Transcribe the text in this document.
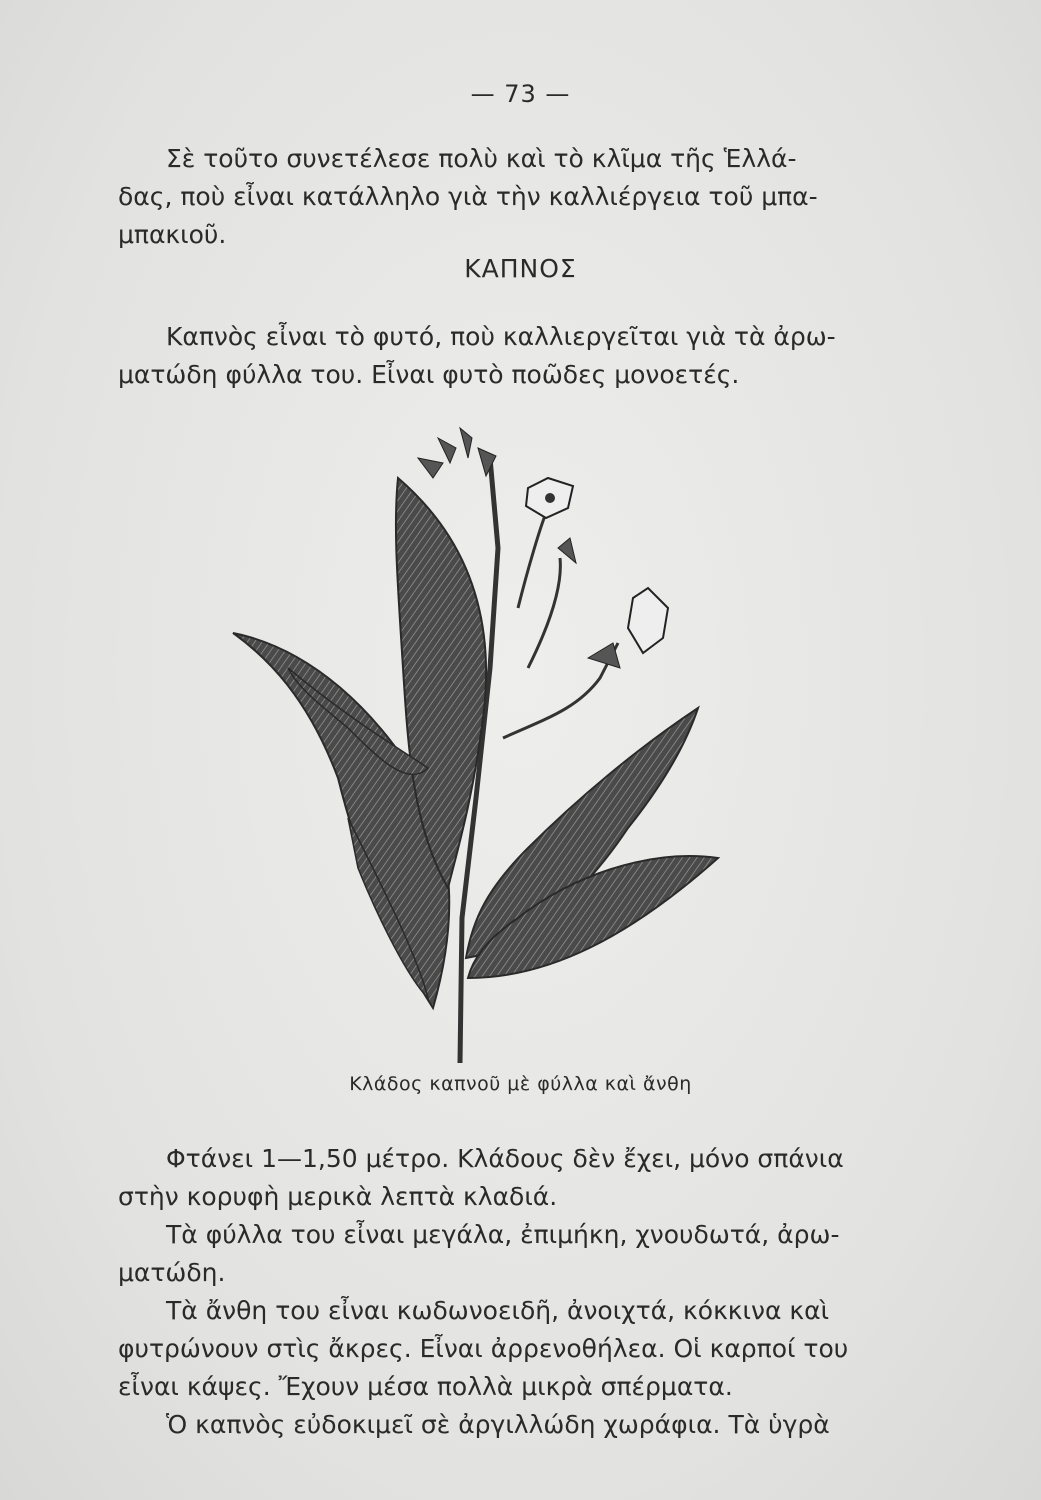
— 73 —

Σὲ τοῦτο συνετέλεσε πολὺ καὶ τὸ κλῖμα τῆς Ἑλλά-
δας, ποὺ εἶναι κατάλληλο γιὰ τὴν καλλιέργεια τοῦ μπα-
μπακιοῦ.

ΚΑΠΝΟΣ

Καπνὸς εἶναι τὸ φυτό, ποὺ καλλιεργεῖται γιὰ τὰ ἀρω-
ματώδη φύλλα του. Εἶναι φυτὸ ποῶδες μονοετές.

Κλάδος καπνοῦ μὲ φύλλα καὶ ἄνθη

Φτάνει 1—1,50 μέτρο. Κλάδους δὲν ἔχει, μόνο σπάνια
στὴν κορυφὴ μερικὰ λεπτὰ κλαδιά.

Τὰ φύλλα του εἶναι μεγάλα, ἐπιμήκη, χνουδωτά, ἀρω-
ματώδη.

Τὰ ἄνθη του εἶναι κωδωνοειδῆ, ἀνοιχτά, κόκκινα καὶ
φυτρώνουν στὶς ἄκρες. Εἶναι ἀρρενοθήλεα. Οἱ καρποί του
εἶναι κάψες. Ἔχουν μέσα πολλὰ μικρὰ σπέρματα.

Ὁ καπνὸς εὐδοκιμεῖ σὲ ἀργιλλώδη χωράφια. Τὰ ὑγρὰ
